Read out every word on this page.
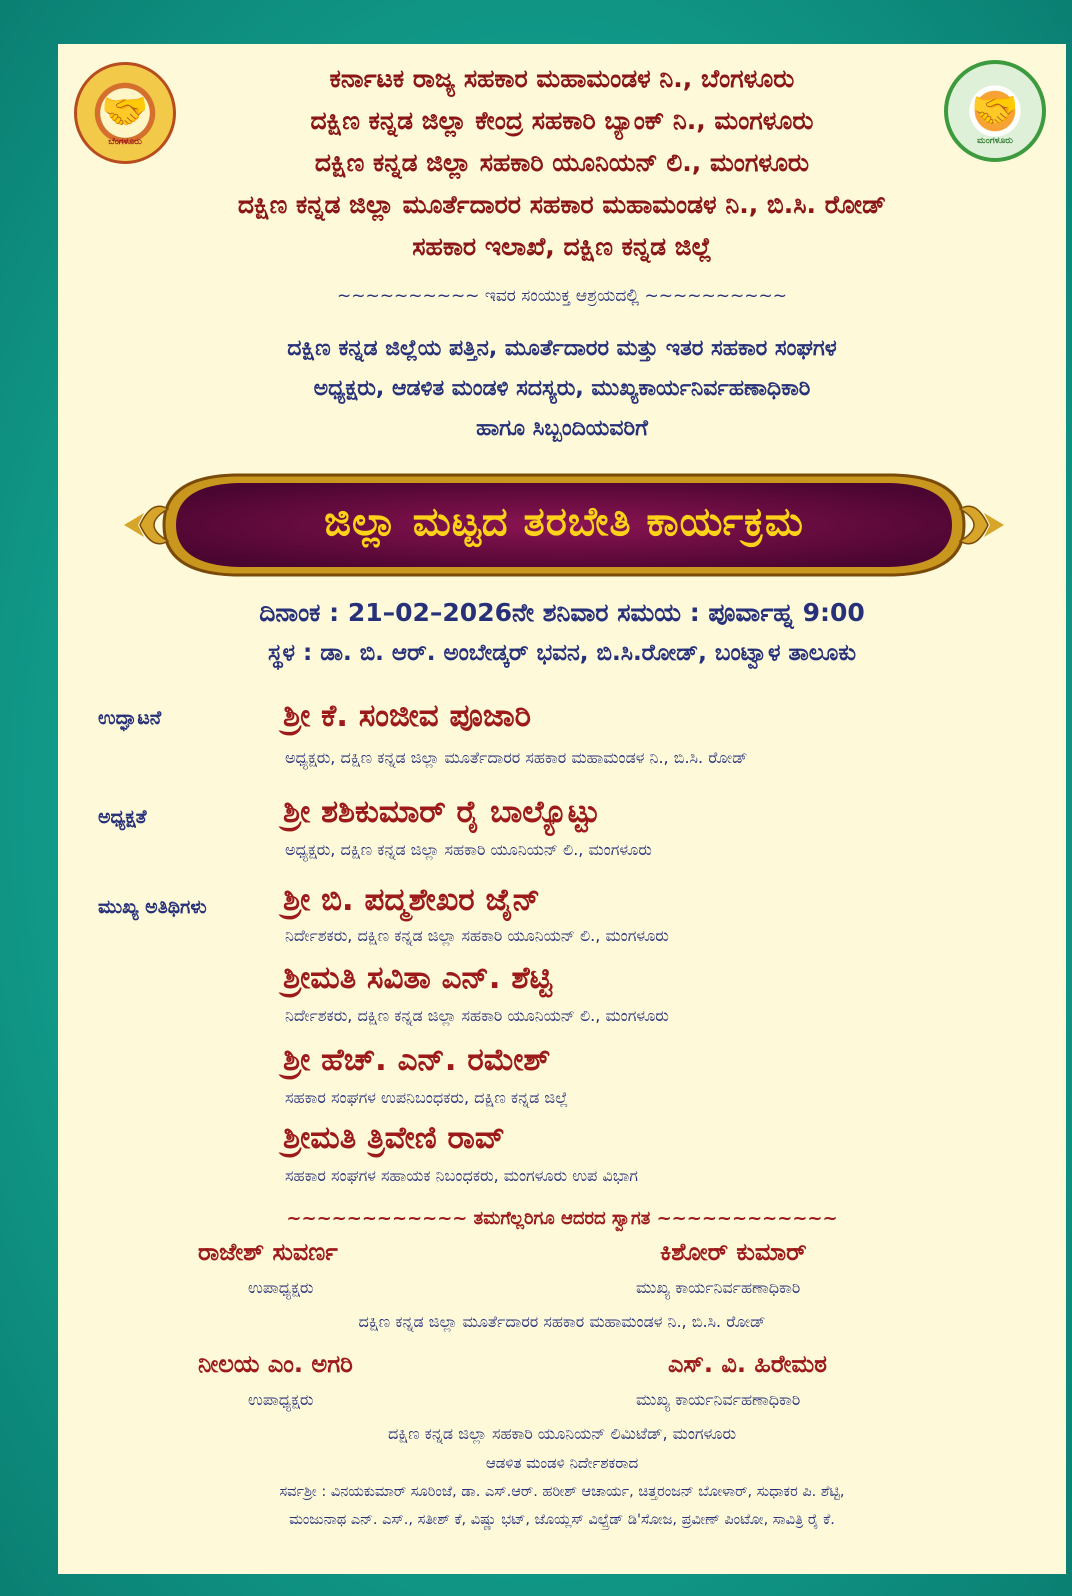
🤝
ಬೆಂಗಳೂರು
🤝
ಮಂಗಳೂರು
ಕರ್ನಾಟಕ ರಾಜ್ಯ ಸಹಕಾರ ಮಹಾಮಂಡಳ ನಿ., ಬೆಂಗಳೂರು
ದಕ್ಷಿಣ ಕನ್ನಡ ಜಿಲ್ಲಾ ಕೇಂದ್ರ ಸಹಕಾರಿ ಬ್ಯಾಂಕ್ ನಿ., ಮಂಗಳೂರು
ದಕ್ಷಿಣ ಕನ್ನಡ ಜಿಲ್ಲಾ ಸಹಕಾರಿ ಯೂನಿಯನ್ ಲಿ., ಮಂಗಳೂರು
ದಕ್ಷಿಣ ಕನ್ನಡ ಜಿಲ್ಲಾ ಮೂರ್ತೆದಾರರ ಸಹಕಾರ ಮಹಾಮಂಡಳ ನಿ., ಬಿ.ಸಿ. ರೋಡ್
ಸಹಕಾರ ಇಲಾಖೆ, ದಕ್ಷಿಣ ಕನ್ನಡ ಜಿಲ್ಲೆ
~~~~~~~~~~ ಇವರ ಸಂಯುಕ್ತ ಆಶ್ರಯದಲ್ಲಿ ~~~~~~~~~~
ದಕ್ಷಿಣ ಕನ್ನಡ ಜಿಲ್ಲೆಯ ಪತ್ತಿನ, ಮೂರ್ತೆದಾರರ ಮತ್ತು ಇತರ ಸಹಕಾರ ಸಂಘಗಳ
ಅಧ್ಯಕ್ಷರು, ಆಡಳಿತ ಮಂಡಳಿ ಸದಸ್ಯರು, ಮುಖ್ಯಕಾರ್ಯನಿರ್ವಹಣಾಧಿಕಾರಿ
ಹಾಗೂ ಸಿಬ್ಬಂದಿಯವರಿಗೆ
ಜಿಲ್ಲಾ ಮಟ್ಟದ ತರಬೇತಿ ಕಾರ್ಯಕ್ರಮ
ದಿನಾಂಕ : 21–02–2026ನೇ ಶನಿವಾರ ಸಮಯ : ಪೂರ್ವಾಹ್ನ 9:00
ಸ್ಥಳ : ಡಾ. ಬಿ. ಆರ್. ಅಂಬೇಡ್ಕರ್ ಭವನ, ಬಿ.ಸಿ.ರೋಡ್, ಬಂಟ್ವಾಳ ತಾಲೂಕು
ಉದ್ಘಾಟನೆ	ಶ್ರೀ ಕೆ. ಸಂಜೀವ ಪೂಜಾರಿ
ಅಧ್ಯಕ್ಷರು, ದಕ್ಷಿಣ ಕನ್ನಡ ಜಿಲ್ಲಾ ಮೂರ್ತೆದಾರರ ಸಹಕಾರ ಮಹಾಮಂಡಳ ನಿ., ಬಿ.ಸಿ. ರೋಡ್
ಅಧ್ಯಕ್ಷತೆ	ಶ್ರೀ ಶಶಿಕುಮಾರ್ ರೈ ಬಾಲ್ಯೊಟ್ಟು
ಅಧ್ಯಕ್ಷರು, ದಕ್ಷಿಣ ಕನ್ನಡ ಜಿಲ್ಲಾ ಸಹಕಾರಿ ಯೂನಿಯನ್ ಲಿ., ಮಂಗಳೂರು
ಮುಖ್ಯ ಅತಿಥಿಗಳು ಶ್ರೀ ಬಿ. ಪದ್ಮಶೇಖರ ಜೈನ್
ನಿರ್ದೇಶಕರು, ದಕ್ಷಿಣ ಕನ್ನಡ ಜಿಲ್ಲಾ ಸಹಕಾರಿ ಯೂನಿಯನ್ ಲಿ., ಮಂಗಳೂರು
ಶ್ರೀಮತಿ ಸವಿತಾ ಎನ್. ಶೆಟ್ಟಿ
ನಿರ್ದೇಶಕರು, ದಕ್ಷಿಣ ಕನ್ನಡ ಜಿಲ್ಲಾ ಸಹಕಾರಿ ಯೂನಿಯನ್ ಲಿ., ಮಂಗಳೂರು
ಶ್ರೀ ಹೆಚ್. ಎನ್. ರಮೇಶ್
ಸಹಕಾರ ಸಂಘಗಳ ಉಪನಿಬಂಧಕರು, ದಕ್ಷಿಣ ಕನ್ನಡ ಜಿಲ್ಲೆ
ಶ್ರೀಮತಿ ತ್ರಿವೇಣಿ ರಾವ್
ಸಹಕಾರ ಸಂಘಗಳ ಸಹಾಯಕ ನಿಬಂಧಕರು, ಮಂಗಳೂರು ಉಪ ವಿಭಾಗ
~~~~~~~~~~~~ ತಮಗೆಲ್ಲರಿಗೂ ಆದರದ ಸ್ವಾಗತ ~~~~~~~~~~~~
ರಾಜೇಶ್ ಸುವರ್ಣ
ಉಪಾಧ್ಯಕ್ಷರು
ಕಿಶೋರ್ ಕುಮಾರ್
ಮುಖ್ಯ ಕಾರ್ಯನಿರ್ವಹಣಾಧಿಕಾರಿ
ದಕ್ಷಿಣ ಕನ್ನಡ ಜಿಲ್ಲಾ ಮೂರ್ತೆದಾರರ ಸಹಕಾರ ಮಹಾಮಂಡಳ ನಿ., ಬಿ.ಸಿ. ರೋಡ್
ನೀಲಯ ಎಂ. ಅಗರಿ
ಉಪಾಧ್ಯಕ್ಷರು
ಎಸ್. ವಿ. ಹಿರೇಮಠ
ಮುಖ್ಯ ಕಾರ್ಯನಿರ್ವಹಣಾಧಿಕಾರಿ
ದಕ್ಷಿಣ ಕನ್ನಡ ಜಿಲ್ಲಾ ಸಹಕಾರಿ ಯೂನಿಯನ್ ಲಿಮಿಟೆಡ್, ಮಂಗಳೂರು
ಆಡಳಿತ ಮಂಡಳಿ ನಿರ್ದೇಶಕರಾದ
ಸರ್ವಶ್ರೀ : ವಿನಯಕುಮಾರ್ ಸೂರಿಂಜೆ, ಡಾ. ಎಸ್.ಆರ್. ಹರೀಶ್ ಆಚಾರ್ಯ, ಚಿತ್ತರಂಜನ್ ಬೋಳಾರ್, ಸುಧಾಕರ ಪಿ. ಶೆಟ್ಟಿ,
ಮಂಜುನಾಥ ಎನ್. ಎಸ್., ಸತೀಶ್ ಕೆ, ವಿಷ್ಣು ಭಟ್, ಜೊಯ್ಲಸ್ ವಿಲ್ಪ್ರೆಡ್ ಡಿ'ಸೋಜ, ಪ್ರವೀಣ್ ಪಿಂಟೋ, ಸಾವಿತ್ರಿ ರೈ ಕೆ.
